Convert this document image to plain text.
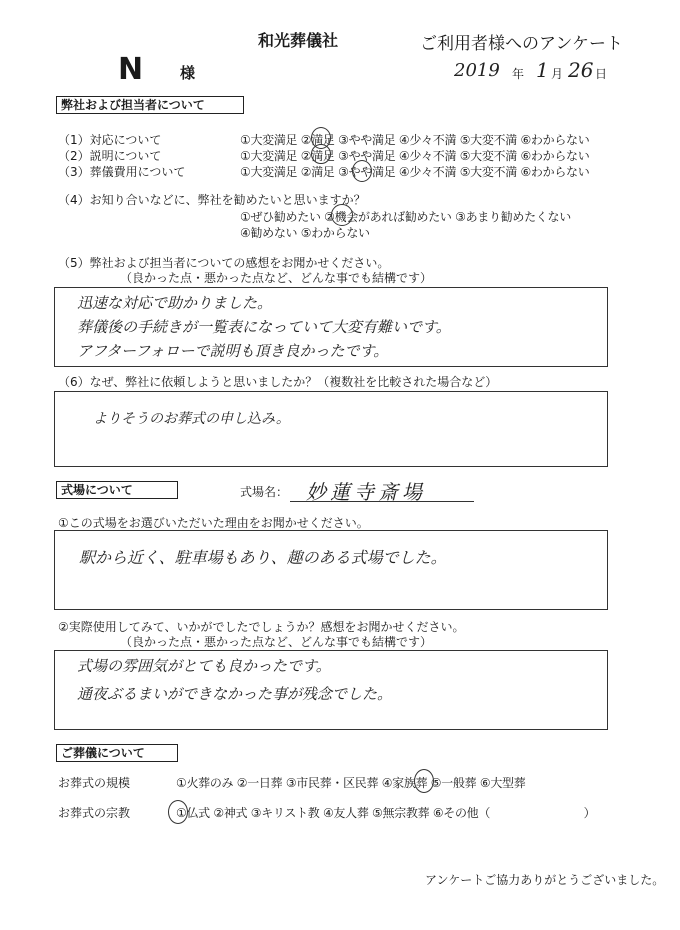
和光葬儀社	ご利用者様へのアンケート
N 様	2019 年 1 月 26 日
弊社および担当者について
（1）対応について	①大変満足 ②満足 ③やや満足 ④少々不満 ⑤大変不満 ⑥わからない
（2）説明について	①大変満足 ②満足 ③やや満足 ④少々不満 ⑤大変不満 ⑥わからない
（3）葬儀費用について	①大変満足 ②満足 ③やや満足 ④少々不満 ⑤大変不満 ⑥わからない
（4）お知り合いなどに、弊社を勧めたいと思いますか？
①ぜひ勧めたい ②機会があれば勧めたい ③あまり勧めたくない
④勧めない ⑤わからない
（5）弊社および担当者についての感想をお聞かせください。
（良かった点・悪かった点など、どんな事でも結構です）
迅速な対応で助かりました。
葬儀後の手続きが一覧表になっていて大変有難いです。
アフターフォローで説明も頂き良かったです。
（6）なぜ、弊社に依頼しようと思いましたか？（複数社を比較された場合など）
よりそうのお葬式の申し込み。
式場について	式場名： 妙蓮寺斎場
①この式場をお選びいただいた理由をお聞かせください。
駅から近く、駐車場もあり、趣のある式場でした。
②実際使用してみて、いかがでしたでしょうか？感想をお聞かせください。
（良かった点・悪かった点など、どんな事でも結構です）
式場の雰囲気がとても良かったです。
通夜ぶるまいができなかった事が残念でした。
ご葬儀について
お葬式の規模	①火葬のみ ②一日葬 ③市民葬・区民葬 ④家族葬 ⑤一般葬 ⑥大型葬
お葬式の宗教	①仏式 ②神式 ③キリスト教 ④友人葬 ⑤無宗教葬 ⑥その他（　　　　　　　　）
アンケートご協力ありがとうございました。
